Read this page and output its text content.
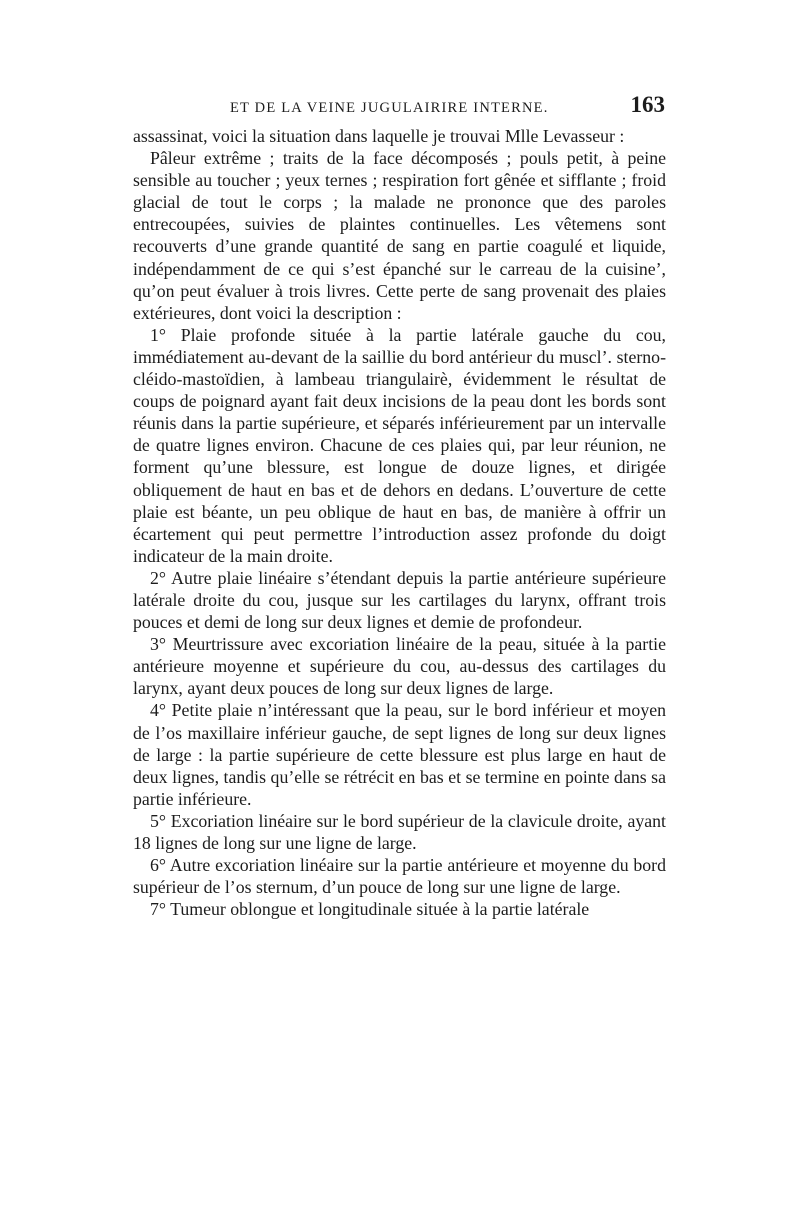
ET DE LA VEINE JUGULAIRIRE INTERNE.	163

assassinat, voici la situation dans laquelle je trouvai Mlle Levasseur :

Pâleur extrême ; traits de la face décomposés ; pouls petit, à peine sensible au toucher ; yeux ternes ; respiration fort gênée et sifflante ; froid glacial de tout le corps ; la malade ne prononce que des paroles entrecoupées, suivies de plaintes continuelles. Les vêtemens sont recouverts d’une grande quantité de sang en partie coagulé et liquide, indépendamment de ce qui s’est épanché sur le carreau de la cuisine’, qu’on peut évaluer à trois livres. Cette perte de sang provenait des plaies extérieures, dont voici la description :

1° Plaie profonde située à la partie latérale gauche du cou, immédiatement au-devant de la saillie du bord antérieur du muscl’. sterno-cléido-mastoïdien, à lambeau triangulairè, évidemment le résultat de coups de poignard ayant fait deux incisions de la peau dont les bords sont réunis dans la partie supérieure, et séparés inférieurement par un intervalle de quatre lignes environ. Chacune de ces plaies qui, par leur réunion, ne forment qu’une blessure, est longue de douze lignes, et dirigée obliquement de haut en bas et de dehors en dedans. L’ouverture de cette plaie est béante, un peu oblique de haut en bas, de manière à offrir un écartement qui peut permettre l’introduction assez profonde du doigt indicateur de la main droite.

2° Autre plaie linéaire s’étendant depuis la partie antérieure supérieure latérale droite du cou, jusque sur les cartilages du larynx, offrant trois pouces et demi de long sur deux lignes et demie de profondeur.

3° Meurtrissure avec excoriation linéaire de la peau, située à la partie antérieure moyenne et supérieure du cou, au-dessus des cartilages du larynx, ayant deux pouces de long sur deux lignes de large.

4° Petite plaie n’intéressant que la peau, sur le bord inférieur et moyen de l’os maxillaire inférieur gauche, de sept lignes de long sur deux lignes de large : la partie supérieure de cette blessure est plus large en haut de deux lignes, tandis qu’elle se rétrécit en bas et se termine en pointe dans sa partie inférieure.

5° Excoriation linéaire sur le bord supérieur de la clavicule droite, ayant 18 lignes de long sur une ligne de large.

6° Autre excoriation linéaire sur la partie antérieure et moyenne du bord supérieur de l’os sternum, d’un pouce de long sur une ligne de large.

7° Tumeur oblongue et longitudinale située à la partie latérale
